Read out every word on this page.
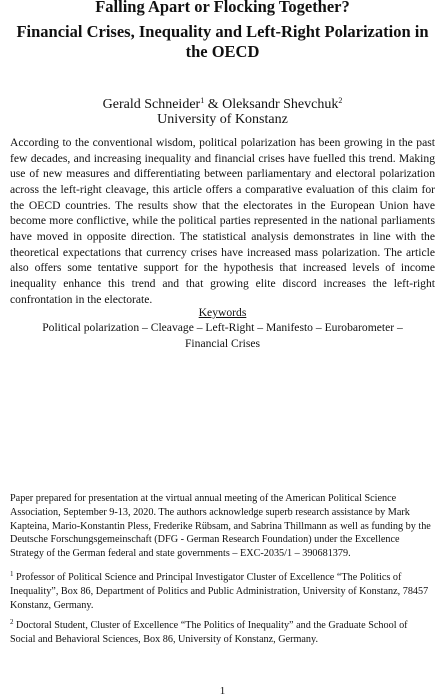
Falling Apart or Flocking Together?
Financial Crises, Inequality and Left-Right Polarization in the OECD
Gerald Schneider$^1$ & Oleksandr Shevchuk$^2$
University of Konstanz

According to the conventional wisdom, political polarization has been growing in the past few decades, and increasing inequality and financial crises have fuelled this trend. Making use of new measures and differentiating between parliamentary and electoral polarization across the left-right cleavage, this article offers a comparative evaluation of this claim for the OECD countries. The results show that the electorates in the European Union have become more conflictive, while the political parties represented in the national parliaments have moved in opposite direction. The statistical analysis demonstrates in line with the theoretical expectations that currency crises have increased mass polarization. The article also offers some tentative support for the hypothesis that increased levels of income inequality enhance this trend and that growing elite discord increases the left-right confrontation in the electorate.

Keywords
Political polarization – Cleavage – Left-Right – Manifesto – Eurobarometer – Financial Crises

Paper prepared for presentation at the virtual annual meeting of the American Political Science Association, September 9-13, 2020. The authors acknowledge superb research assistance by Mark Kapteina, Mario-Konstantin Pless, Frederike Rübsam, and Sabrina Thillmann as well as funding by the Deutsche Forschungsgemeinschaft (DFG - German Research Foundation) under the Excellence Strategy of the German federal and state governments – EXC-2035/1 – 390681379.

$^1$ Professor of Political Science and Principal Investigator Cluster of Excellence “The Politics of Inequality”, Box 86, Department of Politics and Public Administration, University of Konstanz, 78457 Konstanz, Germany.

$^2$ Doctoral Student, Cluster of Excellence “The Politics of Inequality” and the Graduate School of Social and Behavioral Sciences, Box 86, University of Konstanz, Germany.

1
